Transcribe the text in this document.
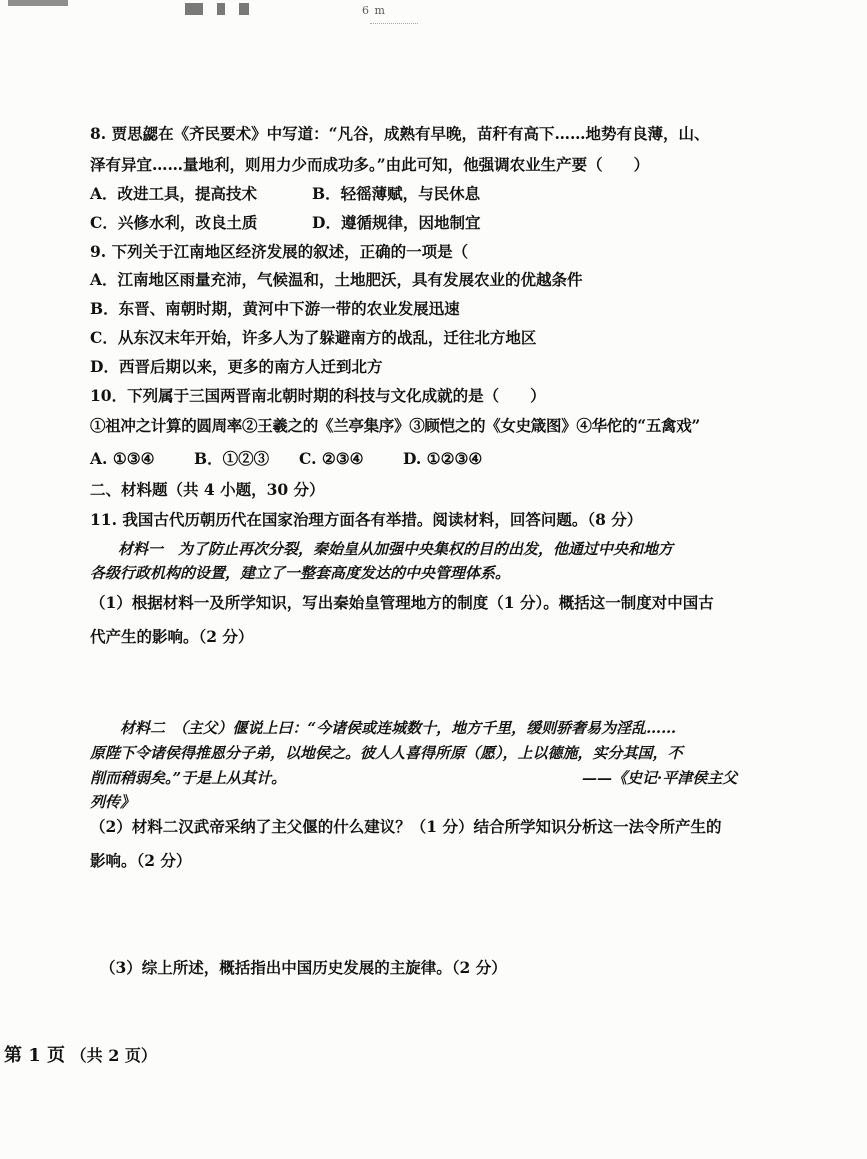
6 m
8. 贾思勰在《齐民要术》中写道：“凡谷，成熟有早晚，苗秆有高下……地势有良薄，山、
泽有异宜……量地利，则用力少而成功多。”由此可知，他强调农业生产要（　　）
A．改进工具，提高技术	B．轻徭薄赋，与民休息
C．兴修水利，改良土质	D．遵循规律，因地制宜
9. 下列关于江南地区经济发展的叙述，正确的一项是（
A．江南地区雨量充沛，气候温和，土地肥沃，具有发展农业的优越条件
B．东晋、南朝时期，黄河中下游一带的农业发展迅速
C．从东汉末年开始，许多人为了躲避南方的战乱，迁往北方地区
D．西晋后期以来，更多的南方人迁到北方
10．下列属于三国两晋南北朝时期的科技与文化成就的是（　　）
①祖冲之计算的圆周率②王羲之的《兰亭集序》③顾恺之的《女史箴图》④华佗的“五禽戏”
A. ①③④	B．①②③ C. ②③④	D. ①②③④
二、材料题（共 4 小题，30 分）
11. 我国古代历朝历代在国家治理方面各有举措。阅读材料，回答问题。（8 分）
材料一　为了防止再次分裂，秦始皇从加强中央集权的目的出发，他通过中央和地方
各级行政机构的设置，建立了一整套高度发达的中央管理体系。
（1）根据材料一及所学知识，写出秦始皇管理地方的制度（1 分）。概括这一制度对中国古
代产生的影响。（2 分）
材料二　（主父）偃说上曰：“今诸侯或连城数十，地方千里，缓则骄奢易为淫乱……
原陛下令诸侯得推恩分子弟，以地侯之。彼人人喜得所原（愿），上以德施，实分其国，不
削而稍弱矣。”于是上从其计。	——《史记·平津侯主父
列传》
（2）材料二汉武帝采纳了主父偃的什么建议？（1 分）结合所学知识分析这一法令所产生的
影响。（2 分）
（3）综上所述，概括指出中国历史发展的主旋律。（2 分）
第 1 页 （共 2 页）
